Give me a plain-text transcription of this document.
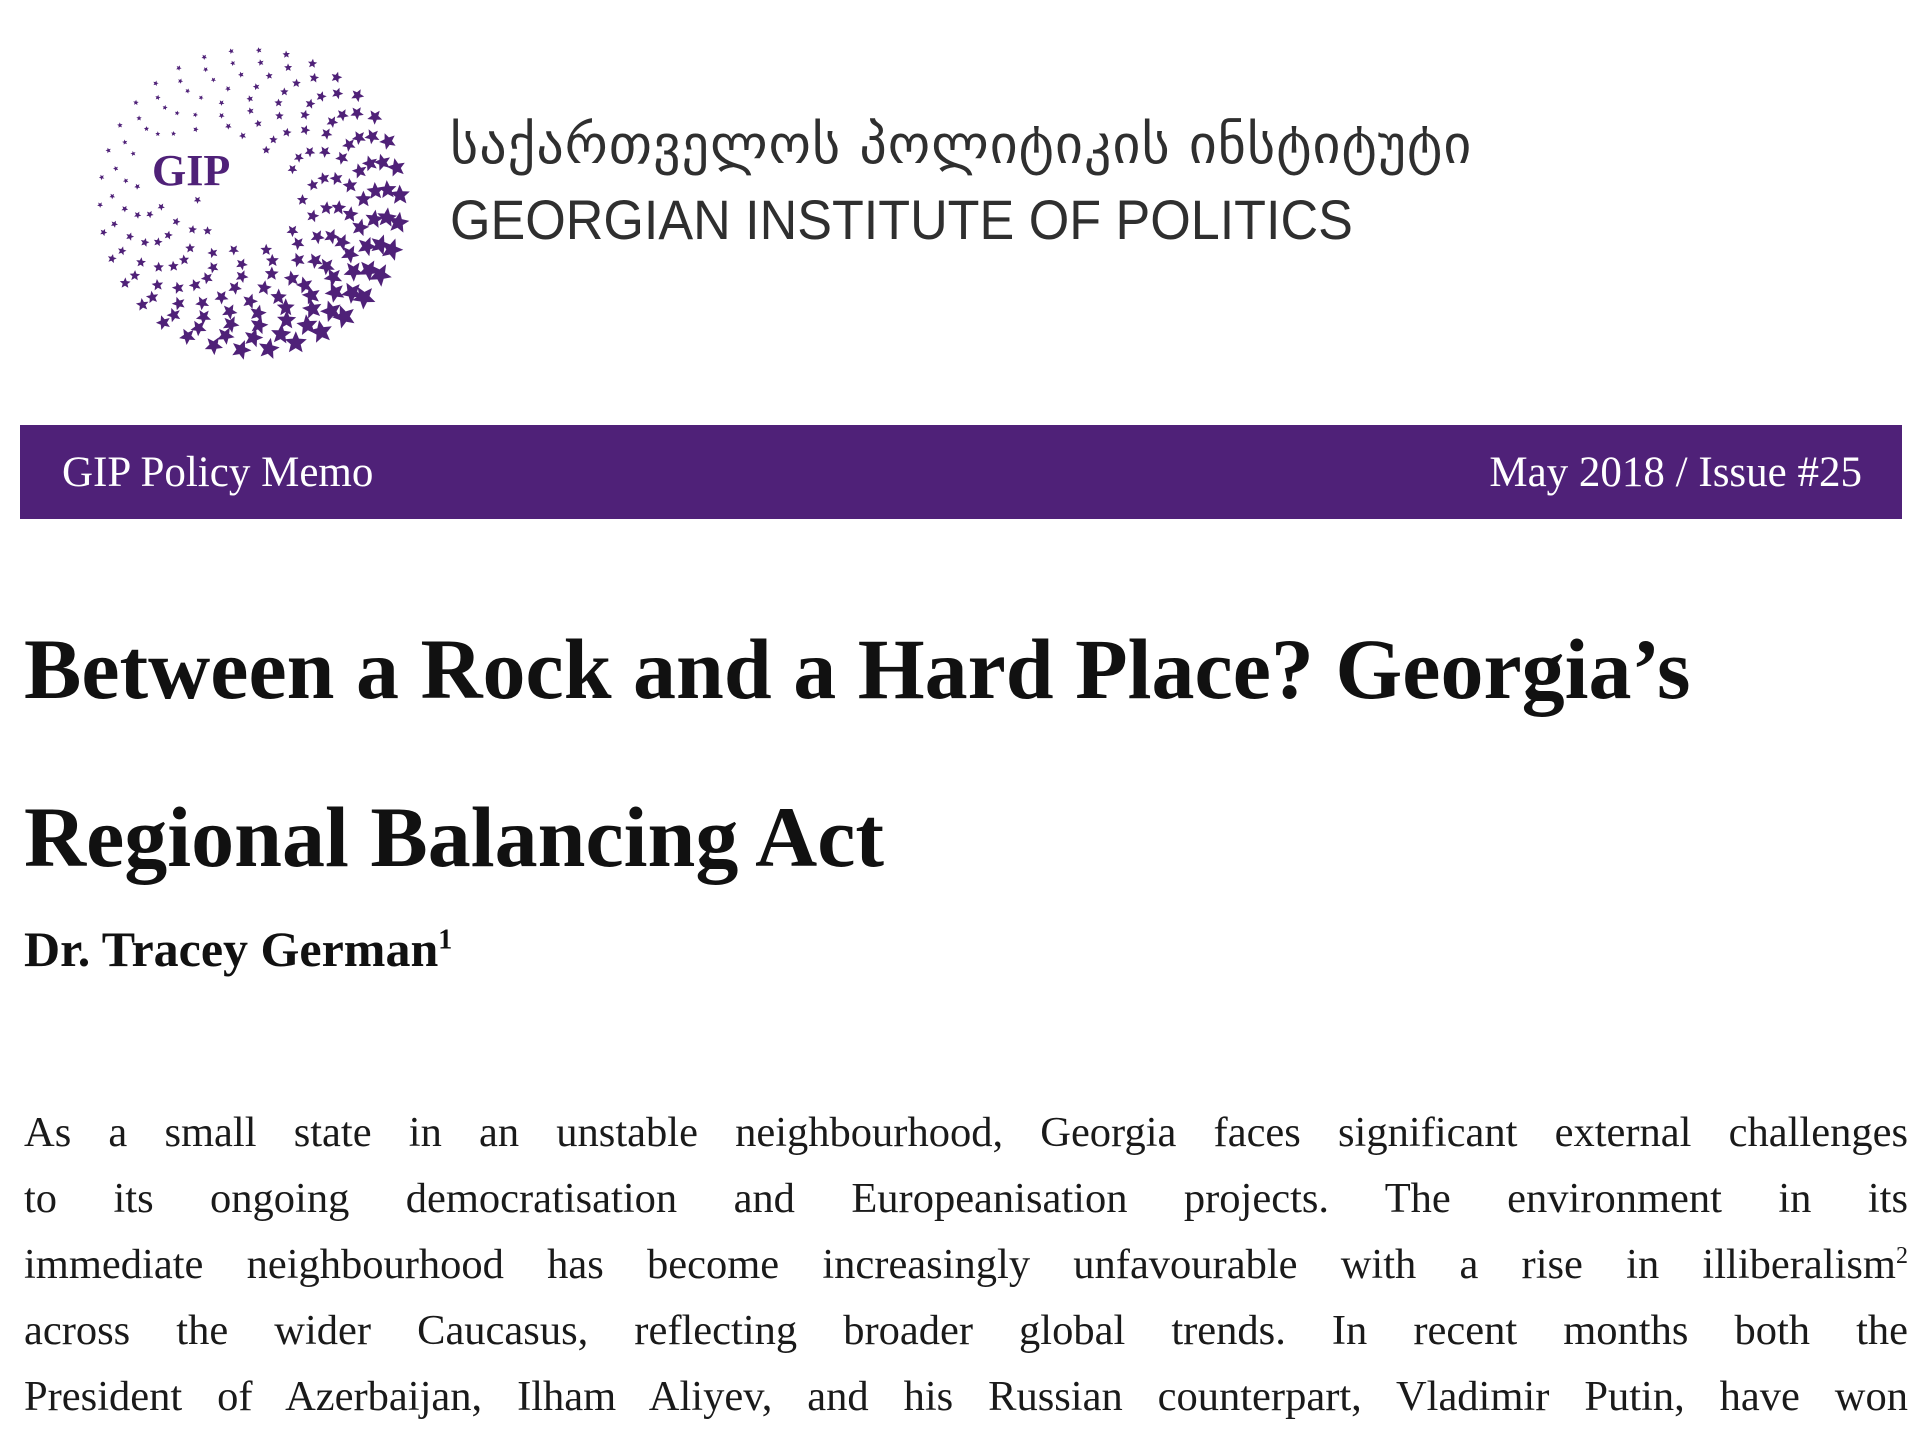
GIP	საქართველოს პოლიტიკის ინსტიტუტი
GEORGIAN INSTITUTE OF POLITICS
GIP Policy Memo	May 2018 / Issue #25
Between a Rock and a Hard Place? Georgia’s
Regional Balancing Act
Dr. Tracey German$^1$
As a small state in an unstable neighbourhood, Georgia faces significant external challenges
to its ongoing democratisation and Europeanisation projects. The environment in its
immediate neighbourhood has become increasingly unfavourable with a rise in illiberalism$^2$
across the wider Caucasus, reflecting broader global trends. In recent months both the
President of Azerbaijan, Ilham Aliyev, and his Russian counterpart, Vladimir Putin, have won
